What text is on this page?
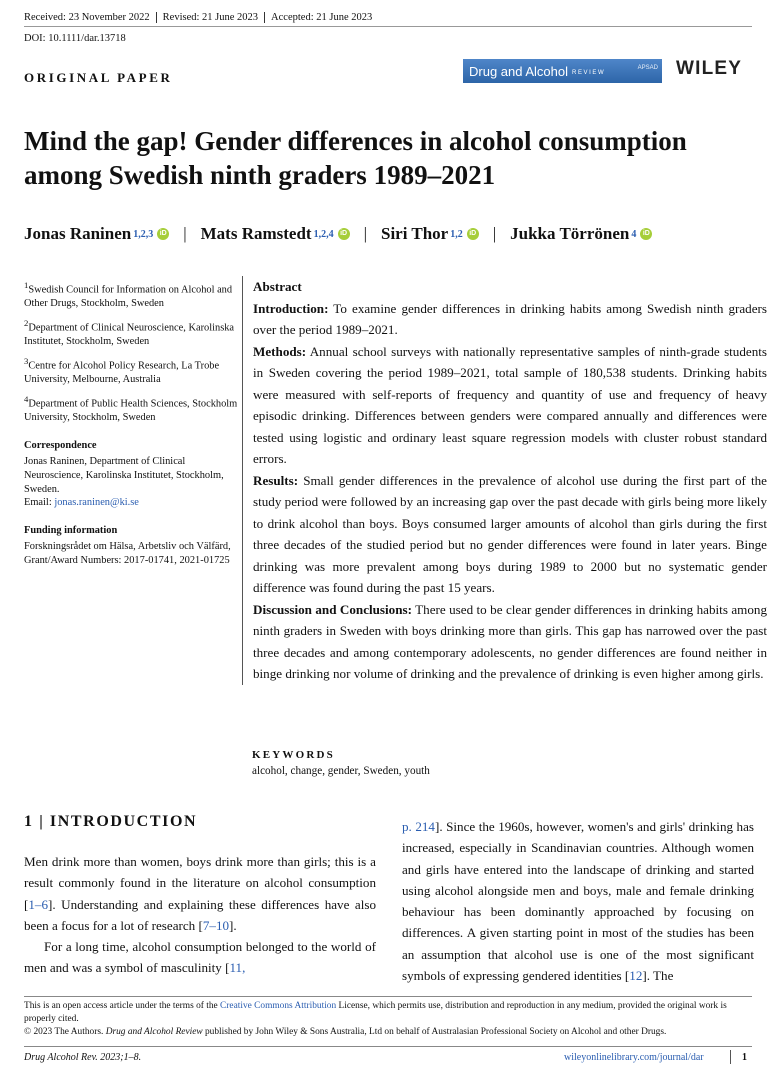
Received: 23 November 2022	Revised: 21 June 2023	Accepted: 21 June 2023
DOI: 10.1111/dar.13718
ORIGINAL PAPER	Drug and Alcohol REVIEW
APSAD WILEY
Mind the gap! Gender differences in alcohol consumption among Swedish ninth graders 1989–2021
Jonas Raninen 1,2,3 iD | Mats Ramstedt 1,2,4 iD | Siri Thor 1,2 iD | Jukka Törrönen 4 iD

$^1$Swedish Council for Information on Alcohol and Other Drugs, Stockholm, Sweden

$^2$Department of Clinical Neuroscience, Karolinska Institutet, Stockholm, Sweden

$^3$Centre for Alcohol Policy Research, La Trobe University, Melbourne, Australia

$^4$Department of Public Health Sciences, Stockholm University, Stockholm, Sweden

Correspondence

Jonas Raninen, Department of Clinical Neuroscience, Karolinska Institutet, Stockholm, Sweden.
Email: jonas.raninen@ki.se

Funding information

Forskningsrådet om Hälsa, Arbetsliv och Välfärd, Grant/Award Numbers: 2017-01741, 2021-01725

Abstract

Introduction: To examine gender differences in drinking habits among Swedish ninth graders over the period 1989–2021.

Methods: Annual school surveys with nationally representative samples of ninth-grade students in Sweden covering the period 1989–2021, total sample of 180,538 students. Drinking habits were measured with self-reports of frequency and quantity of use and frequency of heavy episodic drinking. Differences between genders were compared annually and differences were tested using logistic and ordinary least square regression models with cluster robust standard errors.

Results: Small gender differences in the prevalence of alcohol use during the first part of the study period were followed by an increasing gap over the past decade with girls being more likely to drink alcohol than boys. Boys consumed larger amounts of alcohol than girls during the first three decades of the studied period but no gender differences were found in later years. Binge drinking was more prevalent among boys during 1989 to 2000 but no systematic gender difference was found during the past 15 years.

Discussion and Conclusions: There used to be clear gender differences in drinking habits among ninth graders in Sweden with boys drinking more than girls. This gap has narrowed over the past three decades and among contemporary adolescents, no gender differences are found neither in binge drinking nor volume of drinking and the prevalence of drinking is even higher among girls.

KEYWORDS
alcohol, change, gender, Sweden, youth
1 | INTRODUCTION

Men drink more than women, boys drink more than girls; this is a result commonly found in the literature on alcohol consumption [1–6]. Understanding and explaining these differences have also been a focus for a lot of research [7–10].

For a long time, alcohol consumption belonged to the world of men and was a symbol of masculinity [11,

p. 214]. Since the 1960s, however, women's and girls' drinking has increased, especially in Scandinavian countries. Although women and girls have entered into the landscape of drinking and started using alcohol alongside men and boys, male and female drinking behaviour has been dominantly approached by focusing on differences. A given starting point in most of the studies has been an assumption that alcohol use is one of the most significant symbols of expressing gendered identities [12]. The

This is an open access article under the terms of the Creative Commons Attribution License, which permits use, distribution and reproduction in any medium, provided the original work is properly cited.

© 2023 The Authors. Drug and Alcohol Review published by John Wiley & Sons Australia, Ltd on behalf of Australasian Professional Society on Alcohol and other Drugs.

Drug Alcohol Rev. 2023;1–8.	wileyonlinelibrary.com/journal/dar	1
